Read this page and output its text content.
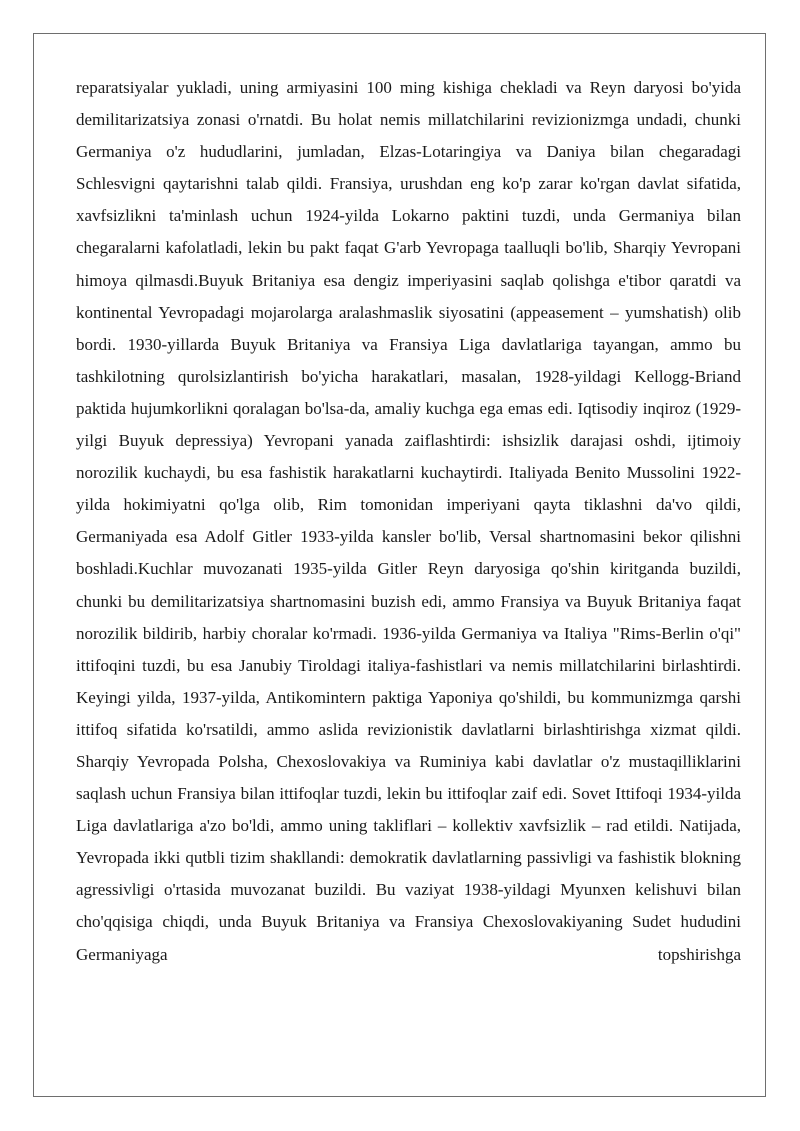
reparatsiyalar yukladi, uning armiyasini 100 ming kishiga chekladi va Reyn daryosi bo'yida demilitarizatsiya zonasi o'rnatdi. Bu holat nemis millatchilarini revizionizmga undadi, chunki Germaniya o'z hududlarini, jumladan, Elzas-Lotaringiya va Daniya bilan chegaradagi Schlesvigni qaytarishni talab qildi. Fransiya, urushdan eng ko'p zarar ko'rgan davlat sifatida, xavfsizlikni ta'minlash uchun 1924-yilda Lokarno paktini tuzdi, unda Germaniya bilan chegaralarni kafolatladi, lekin bu pakt faqat G'arb Yevropaga taalluqli bo'lib, Sharqiy Yevropani himoya qilmasdi.Buyuk Britaniya esa dengiz imperiyasini saqlab qolishga e'tibor qaratdi va kontinental Yevropadagi mojarolarga aralashmaslik siyosatini (appeasement – yumshatish) olib bordi. 1930-yillarda Buyuk Britaniya va Fransiya Liga davlatlariga tayangan, ammo bu tashkilotning qurolsizlantirish bo'yicha harakatlari, masalan, 1928-yildagi Kellogg-Briand paktida hujumkorlikni qoralagan bo'lsa-da, amaliy kuchga ega emas edi. Iqtisodiy inqiroz (1929-yilgi Buyuk depressiya) Yevropani yanada zaiflashtirdi: ishsizlik darajasi oshdi, ijtimoiy norozilik kuchaydi, bu esa fashistik harakatlarni kuchaytirdi. Italiyada Benito Mussolini 1922-yilda hokimiyatni qo'lga olib, Rim tomonidan imperiyani qayta tiklashni da'vo qildi, Germaniyada esa Adolf Gitler 1933-yilda kansler bo'lib, Versal shartnomasini bekor qilishni boshladi.Kuchlar muvozanati 1935-yilda Gitler Reyn daryosiga qo'shin kiritganda buzildi, chunki bu demilitarizatsiya shartnomasini buzish edi, ammo Fransiya va Buyuk Britaniya faqat norozilik bildirib, harbiy choralar ko'rmadi. 1936-yilda Germaniya va Italiya "Rims-Berlin o'qi" ittifoqini tuzdi, bu esa Janubiy Tiroldagi italiya-fashistlari va nemis millatchilarini birlashtirdi. Keyingi yilda, 1937-yilda, Antikomintern paktiga Yaponiya qo'shildi, bu kommunizmga qarshi ittifoq sifatida ko'rsatildi, ammo aslida revizionistik davlatlarni birlashtirishga xizmat qildi. Sharqiy Yevropada Polsha, Chexoslovakiya va Ruminiya kabi davlatlar o'z mustaqilliklarini saqlash uchun Fransiya bilan ittifoqlar tuzdi, lekin bu ittifoqlar zaif edi. Sovet Ittifoqi 1934-yilda Liga davlatlariga a'zo bo'ldi, ammo uning takliflari – kollektiv xavfsizlik – rad etildi. Natijada, Yevropada ikki qutbli tizim shakllandi: demokratik davlatlarning passivligi va fashistik blokning agressivligi o'rtasida muvozanat buzildi. Bu vaziyat 1938-yildagi Myunxen kelishuvi bilan cho'qqisiga chiqdi, unda Buyuk Britaniya va Fransiya Chexoslovakiyaning Sudet hududini Germaniyaga topshirishga
